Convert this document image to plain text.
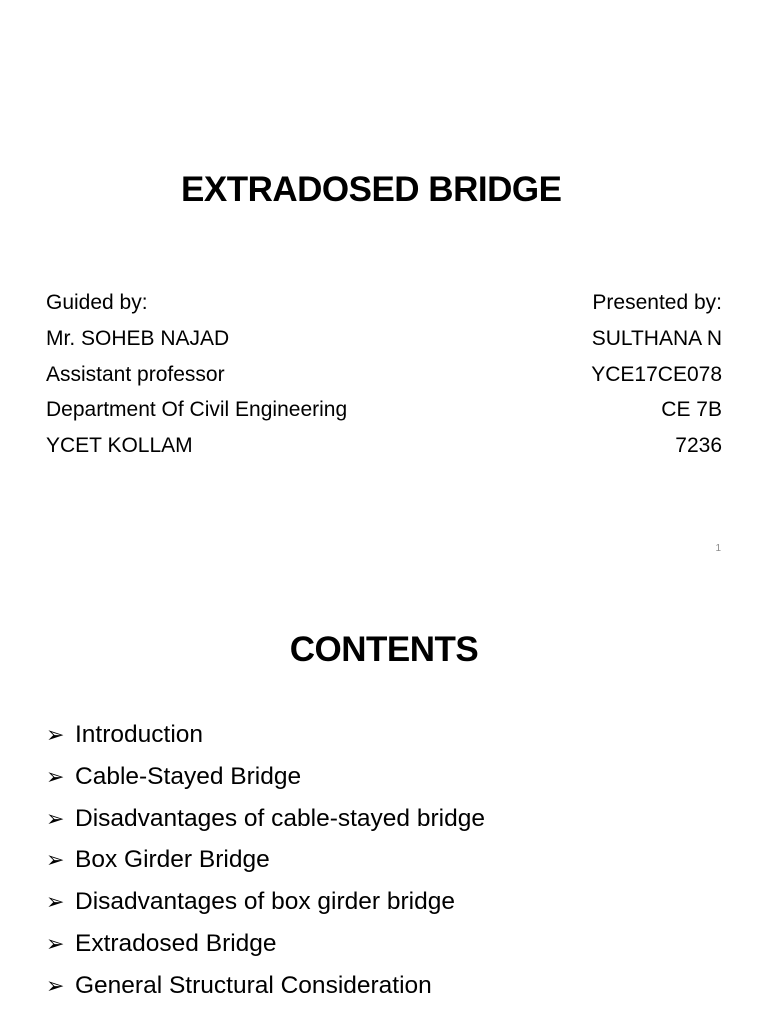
EXTRADOSED BRIDGE
Guided by:
Mr. SOHEB NAJAD
Assistant professor
Department Of Civil Engineering
YCET KOLLAM
Presented by:
SULTHANA N
YCE17CE078
CE 7B
7236
1
CONTENTS
➢ Introduction
➢ Cable-Stayed Bridge
➢ Disadvantages of cable-stayed bridge
➢ Box Girder Bridge
➢ Disadvantages of box girder bridge
➢ Extradosed Bridge
➢ General Structural Consideration
